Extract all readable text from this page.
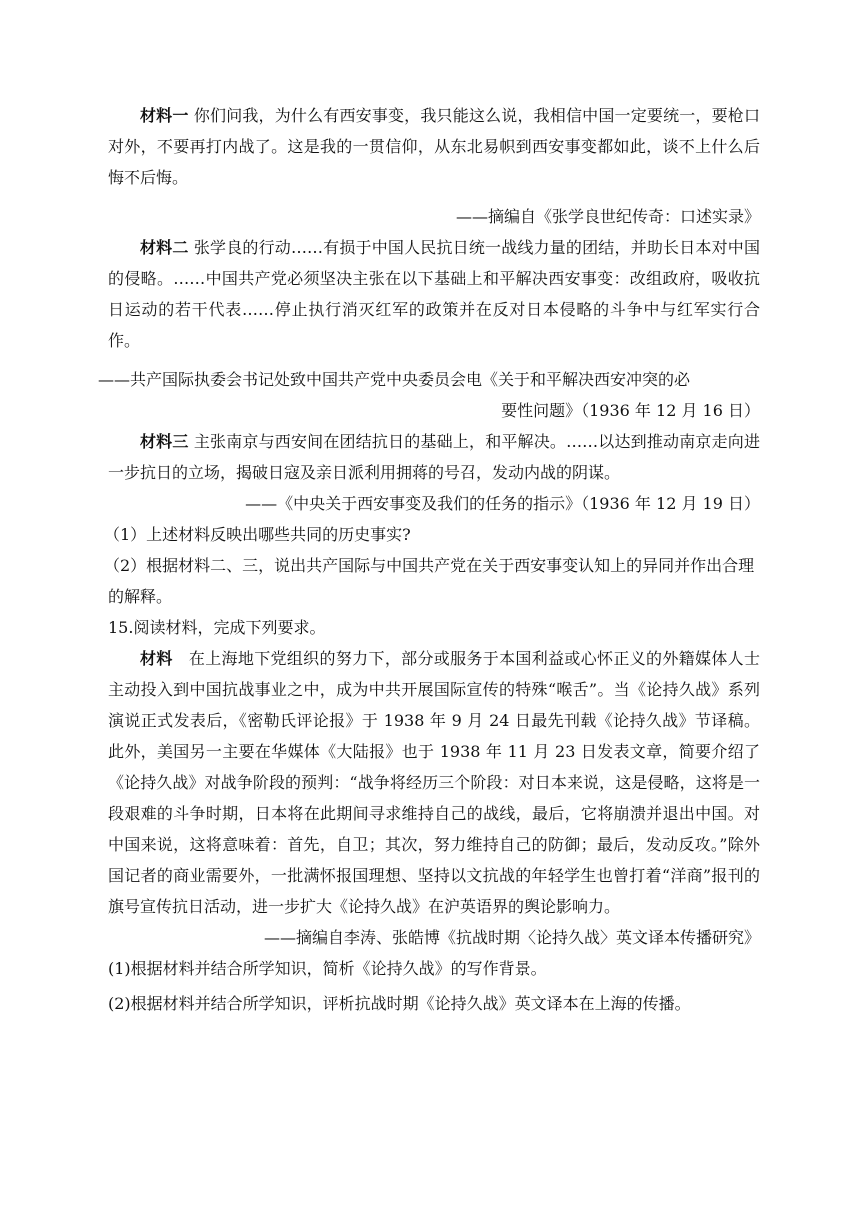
材料一 你们问我，为什么有西安事变，我只能这么说，我相信中国一定要统一，要枪口对外，不要再打内战了。这是我的一贯信仰，从东北易帜到西安事变都如此，谈不上什么后悔不后悔。

——摘编自《张学良世纪传奇：口述实录》

材料二 张学良的行动……有损于中国人民抗日统一战线力量的团结，并助长日本对中国的侵略。……中国共产党必须坚决主张在以下基础上和平解决西安事变：改组政府，吸收抗日运动的若干代表……停止执行消灭红军的政策并在反对日本侵略的斗争中与红军实行合作。

——共产国际执委会书记处致中国共产党中央委员会电《关于和平解决西安冲突的必

要性问题》（1936 年 12 月 16 日）

材料三 主张南京与西安间在团结抗日的基础上，和平解决。……以达到推动南京走向进一步抗日的立场，揭破日寇及亲日派利用拥蒋的号召，发动内战的阴谋。

——《中央关于西安事变及我们的任务的指示》（1936 年 12 月 19 日）

（1）上述材料反映出哪些共同的历史事实?

（2）根据材料二、三，说出共产国际与中国共产党在关于西安事变认知上的异同并作出合理的解释。

15.阅读材料，完成下列要求。

材料 在上海地下党组织的努力下，部分或服务于本国利益或心怀正义的外籍媒体人士主动投入到中国抗战事业之中，成为中共开展国际宣传的特殊“喉舌”。当《论持久战》系列演说正式发表后，《密勒氏评论报》于 1938 年 9 月 24 日最先刊载《论持久战》节译稿。此外，美国另一主要在华媒体《大陆报》也于 1938 年 11 月 23 日发表文章，简要介绍了《论持久战》对战争阶段的预判：“战争将经历三个阶段：对日本来说，这是侵略，这将是一段艰难的斗争时期，日本将在此期间寻求维持自己的战线，最后，它将崩溃并退出中国。对中国来说，这将意味着：首先，自卫；其次，努力维持自己的防御；最后，发动反攻。”除外国记者的商业需要外，一批满怀报国理想、坚持以文抗战的年轻学生也曾打着“洋商”报刊的旗号宣传抗日活动，进一步扩大《论持久战》在沪英语界的舆论影响力。

——摘编自李涛、张皓博《抗战时期〈论持久战〉英文译本传播研究》

(1)根据材料并结合所学知识，简析《论持久战》的写作背景。

(2)根据材料并结合所学知识，评析抗战时期《论持久战》英文译本在上海的传播。
